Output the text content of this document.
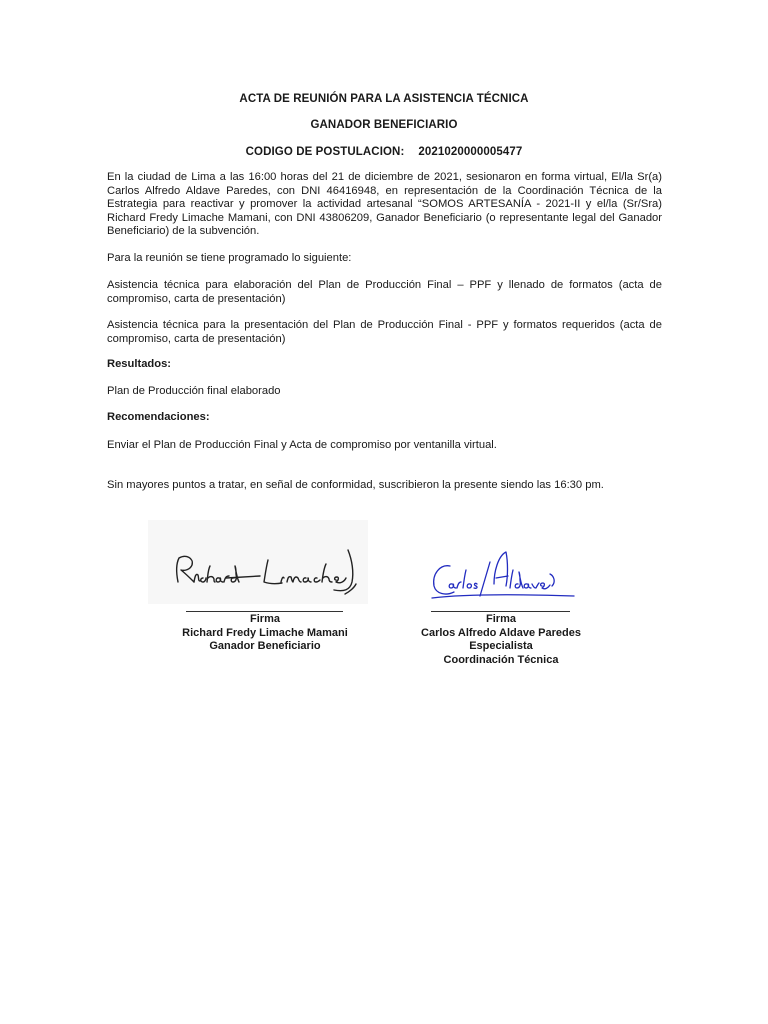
ACTA DE REUNIÓN PARA LA ASISTENCIA TÉCNICA
GANADOR BENEFICIARIO
CODIGO DE POSTULACION: 2021020000005477
En la ciudad de Lima a las 16:00 horas del 21 de diciembre de 2021, sesionaron en forma virtual, El/la Sr(a) Carlos Alfredo Aldave Paredes, con DNI 46416948, en representación de la Coordinación Técnica de la Estrategia para reactivar y promover la actividad artesanal “SOMOS ARTESANÍA - 2021-II y el/la (Sr/Sra) Richard Fredy Limache Mamani, con DNI 43806209, Ganador Beneficiario (o representante legal del Ganador Beneficiario) de la subvención.
Para la reunión se tiene programado lo siguiente:
Asistencia técnica para elaboración del Plan de Producción Final – PPF y llenado de formatos (acta de compromiso, carta de presentación)
Asistencia técnica para la presentación del Plan de Producción Final - PPF y formatos requeridos (acta de compromiso, carta de presentación)
Resultados:
Plan de Producción final elaborado
Recomendaciones:
Enviar el Plan de Producción Final y Acta de compromiso por ventanilla virtual.
Sin mayores puntos a tratar, en señal de conformidad, suscribieron la presente siendo las 16:30 pm.
Firma
Richard Fredy Limache Mamani
Ganador Beneficiario
Firma
Carlos Alfredo Aldave Paredes
Especialista
Coordinación Técnica
